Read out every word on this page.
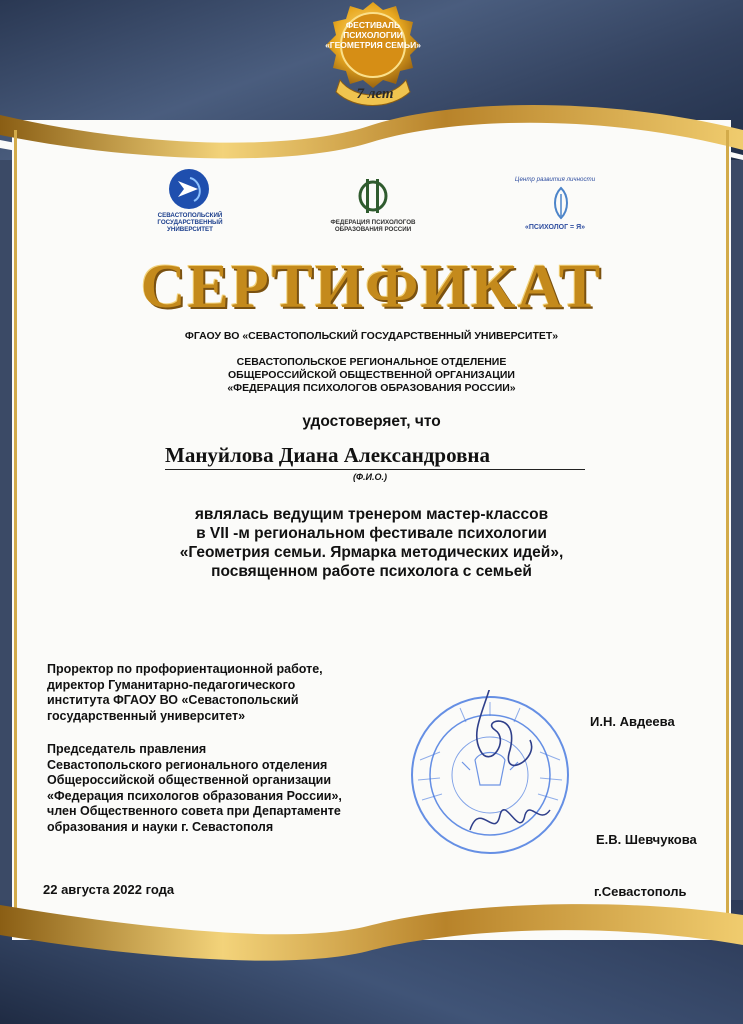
ФЕСТИВАЛЬ
ПСИХОЛОГИИ
«ГЕОМЕТРИЯ СЕМЬИ»
7 лет
СЕВАСТОПОЛЬСКИЙ
ГОСУДАРСТВЕННЫЙ
УНИВЕРСИТЕТ
ФЕДЕРАЦИЯ ПСИХОЛОГОВ
ОБРАЗОВАНИЯ РОССИИ
Центр развития личности
«ПСИХОЛОГ = Я»
СЕРТИФИКАТ
ФГАОУ ВО «СЕВАСТОПОЛЬСКИЙ ГОСУДАРСТВЕННЫЙ УНИВЕРСИТЕТ»
СЕВАСТОПОЛЬСКОЕ РЕГИОНАЛЬНОЕ ОТДЕЛЕНИЕ
ОБЩЕРОССИЙСКОЙ ОБЩЕСТВЕННОЙ ОРГАНИЗАЦИИ
«ФЕДЕРАЦИЯ ПСИХОЛОГОВ ОБРАЗОВАНИЯ РОССИИ»
удостоверяет, что
Мануйлова Диана Александровна
(Ф.И.О.)
являлась ведущим тренером мастер-классов
в VII -м региональном фестивале психологии
«Геометрия семьи. Ярмарка методических идей»,
посвященном работе психолога с семьей
Проректор по профориентационной работе,
директор Гуманитарно-педагогического
института ФГАОУ ВО «Севастопольский
государственный университет»	И.Н. Авдеева
Председатель правления
Севастопольского регионального отделения
Общероссийской общественной организации
«Федерация психологов образования России»,
член Общественного совета при Департаменте
образования и науки г. Севастополя
Е.В. Шевчукова
22 августа 2022 года	г.Севастополь
